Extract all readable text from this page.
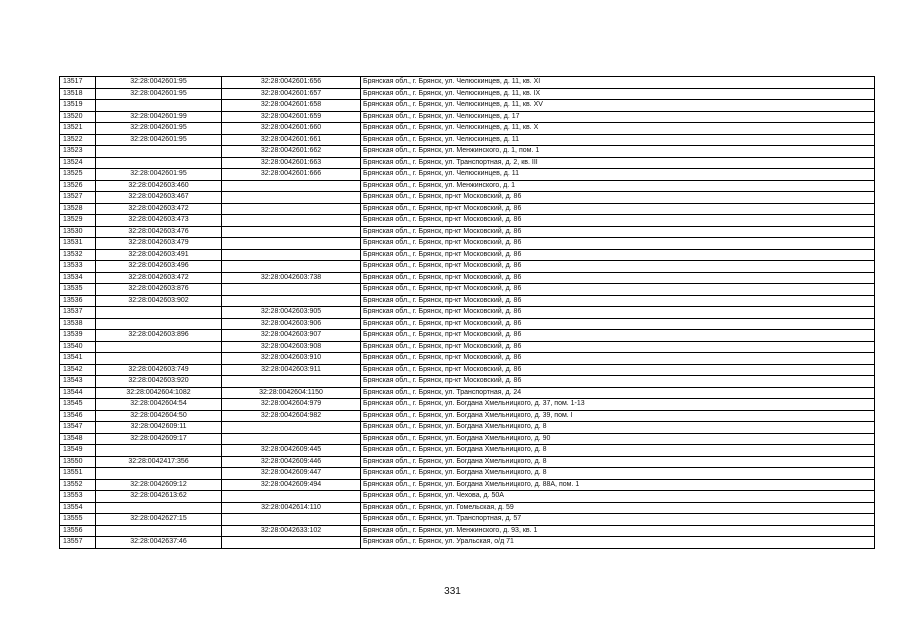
13517	32:28:0042601:95	32:28:0042601:656	Брянская обл., г. Брянск, ул. Челюскинцев, д. 11, кв. XI
13518	32:28:0042601:95	32:28:0042601:657	Брянская обл., г. Брянск, ул. Челюскинцев, д. 11, кв. IX
13519		32:28:0042601:658	Брянская обл., г. Брянск, ул. Челюскинцев, д. 11, кв. XV
13520	32:28:0042601:99	32:28:0042601:659	Брянская обл., г. Брянск, ул. Челюскинцев, д. 17
13521	32:28:0042601:95	32:28:0042601:660	Брянская обл., г. Брянск, ул. Челюскинцев, д. 11, кв. X
13522	32:28:0042601:95	32:28:0042601:661	Брянская обл., г. Брянск, ул. Челюскинцев, д. 11
13523		32:28:0042601:662	Брянская обл., г. Брянск, ул. Менжинского, д. 1, пом. 1
13524		32:28:0042601:663	Брянская обл., г. Брянск, ул. Транспортная, д. 2, кв. III
13525	32:28:0042601:95	32:28:0042601:666	Брянская обл., г. Брянск, ул. Челюскинцев, д. 11
13526	32:28:0042603:460		Брянская обл., г. Брянск, ул. Менжинского, д. 1
13527	32:28:0042603:467		Брянская обл., г. Брянск, пр-кт Московский, д. 86
13528	32:28:0042603:472		Брянская обл., г. Брянск, пр-кт Московский, д. 86
13529	32:28:0042603:473		Брянская обл., г. Брянск, пр-кт Московский, д. 86
13530	32:28:0042603:476		Брянская обл., г. Брянск, пр-кт Московский, д. 86
13531	32:28:0042603:479		Брянская обл., г. Брянск, пр-кт Московский, д. 86
13532	32:28:0042603:491		Брянская обл., г. Брянск, пр-кт Московский, д. 86
13533	32:28:0042603:496		Брянская обл., г. Брянск, пр-кт Московский, д. 86
13534	32:28:0042603:472	32:28:0042603:738	Брянская обл., г. Брянск, пр-кт Московский, д. 86
13535	32:28:0042603:876		Брянская обл., г. Брянск, пр-кт Московский, д. 86
13536	32:28:0042603:902		Брянская обл., г. Брянск, пр-кт Московский, д. 86
13537		32:28:0042603:905	Брянская обл., г. Брянск, пр-кт Московский, д. 86
13538		32:28:0042603:906	Брянская обл., г. Брянск, пр-кт Московский, д. 86
13539	32:28:0042603:896	32:28:0042603:907	Брянская обл., г. Брянск, пр-кт Московский, д. 86
13540		32:28:0042603:908	Брянская обл., г. Брянск, пр-кт Московский, д. 86
13541		32:28:0042603:910	Брянская обл., г. Брянск, пр-кт Московский, д. 86
13542	32:28:0042603:749	32:28:0042603:911	Брянская обл., г. Брянск, пр-кт Московский, д. 86
13543	32:28:0042603:920		Брянская обл., г. Брянск, пр-кт Московский, д. 86
13544	32:28:0042604:1082	32:28:0042604:1150	Брянская обл., г. Брянск, ул. Транспортная, д. 24
13545	32:28:0042604:54	32:28:0042604:979	Брянская обл., г. Брянск, ул. Богдана Хмельницкого, д. 37, пом. 1-13
13546	32:28:0042604:50	32:28:0042604:982	Брянская обл., г. Брянск, ул. Богдана Хмельницкого, д. 39, пом. I
13547	32:28:0042609:11		Брянская обл., г. Брянск, ул. Богдана Хмельницкого, д. 8
13548	32:28:0042609:17		Брянская обл., г. Брянск, ул. Богдана Хмельницкого, д. 90
13549		32:28:0042609:445	Брянская обл., г. Брянск, ул. Богдана Хмельницкого, д. 8
13550	32:28:0042417:356	32:28:0042609:446	Брянская обл., г. Брянск, ул. Богдана Хмельницкого, д. 8
13551		32:28:0042609:447	Брянская обл., г. Брянск, ул. Богдана Хмельницкого, д. 8
13552	32:28:0042609:12	32:28:0042609:494	Брянская обл., г. Брянск, ул. Богдана Хмельницкого, д. 88А, пом. 1
13553	32:28:0042613:62		Брянская обл., г. Брянск, ул. Чехова, д. 50А
13554		32:28:0042614:110	Брянская обл., г. Брянск, ул. Гомельская, д. 59
13555	32:28:0042627:15		Брянская обл., г. Брянск, ул. Транспортная, д. 57
13556		32:28:0042633:102	Брянская обл., г. Брянск, ул. Менжинского, д. 93, кв. 1
13557	32:28:0042637:46		Брянская обл., г. Брянск, ул. Уральская, о/д 71
331
